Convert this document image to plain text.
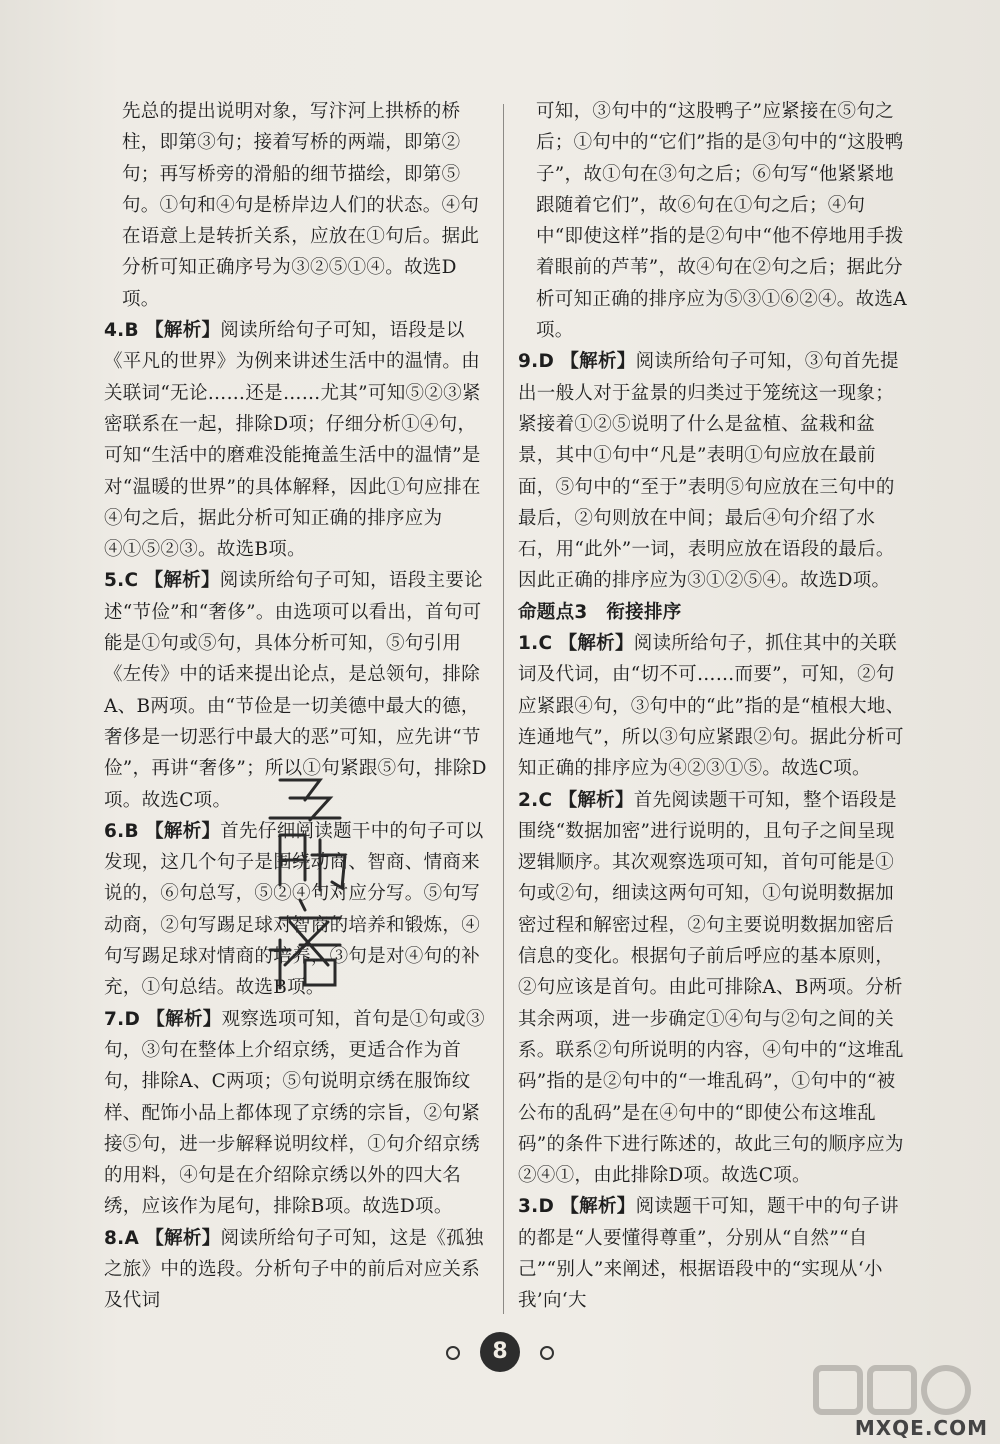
先总的提出说明对象，写汴河上拱桥的桥柱，即第③句；接着写桥的两端，即第②句；再写桥旁的滑船的细节描绘，即第⑤句。①句和④句是桥岸边人们的状态。④句在语意上是转折关系，应放在①句后。据此分析可知正确序号为③②⑤①④。故选D项。

4.B 【解析】阅读所给句子可知，语段是以《平凡的世界》为例来讲述生活中的温情。由关联词“无论……还是……尤其”可知⑤②③紧密联系在一起，排除D项；仔细分析①④句，可知“生活中的磨难没能掩盖生活中的温情”是对“温暖的世界”的具体解释，因此①句应排在④句之后，据此分析可知正确的排序应为④①⑤②③。故选B项。

5.C 【解析】阅读所给句子可知，语段主要论述“节俭”和“奢侈”。由选项可以看出，首句可能是①句或⑤句，具体分析可知，⑤句引用《左传》中的话来提出论点，是总领句，排除A、B两项。由“节俭是一切美德中最大的德，奢侈是一切恶行中最大的恶”可知，应先讲“节俭”，再讲“奢侈”；所以①句紧跟⑤句，排除D项。故选C项。

6.B 【解析】首先仔细阅读题干中的句子可以发现，这几个句子是围绕动商、智商、情商来说的，⑥句总写，⑤②④句对应分写。⑤句写动商，②句写踢足球对智商的培养和锻炼，④句写踢足球对情商的培养，③句是对④句的补充，①句总结。故选B项。

7.D 【解析】观察选项可知，首句是①句或③句，③句在整体上介绍京绣，更适合作为首句，排除A、C两项；⑤句说明京绣在服饰纹样、配饰小品上都体现了京绣的宗旨，②句紧接⑤句，进一步解释说明纹样，①句介绍京绣的用料，④句是在介绍除京绣以外的四大名绣，应该作为尾句，排除B项。故选D项。

8.A 【解析】阅读所给句子可知，这是《孤独之旅》中的选段。分析句子中的前后对应关系及代词

可知，③句中的“这股鸭子”应紧接在⑤句之后；①句中的“它们”指的是③句中的“这股鸭子”，故①句在③句之后；⑥句写“他紧紧地跟随着它们”，故⑥句在①句之后；④句中“即使这样”指的是②句中“他不停地用手拨着眼前的芦苇”，故④句在②句之后；据此分析可知正确的排序应为⑤③①⑥②④。故选A项。

9.D 【解析】阅读所给句子可知，③句首先提出一般人对于盆景的归类过于笼统这一现象；紧接着①②⑤说明了什么是盆植、盆栽和盆景，其中①句中“凡是”表明①句应放在最前面，⑤句中的“至于”表明⑤句应放在三句中的最后，②句则放在中间；最后④句介绍了水石，用“此外”一词，表明应放在语段的最后。因此正确的排序应为③①②⑤④。故选D项。

命题点3　衔接排序

1.C 【解析】阅读所给句子，抓住其中的关联词及代词，由“切不可……而要”，可知，②句应紧跟④句，③句中的“此”指的是“植根大地、连通地气”，所以③句应紧跟②句。据此分析可知正确的排序应为④②③①⑤。故选C项。

2.C 【解析】首先阅读题干可知，整个语段是围绕“数据加密”进行说明的，且句子之间呈现逻辑顺序。其次观察选项可知，首句可能是①句或②句，细读这两句可知，①句说明数据加密过程和解密过程，②句主要说明数据加密后信息的变化。根据句子前后呼应的基本原则，②句应该是首句。由此可排除A、B两项。分析其余两项，进一步确定①④句与②句之间的关系。联系②句所说明的内容，④句中的“这堆乱码”指的是②句中的“一堆乱码”，①句中的“被公布的乱码”是在④句中的“即使公布这堆乱码”的条件下进行陈述的，故此三句的顺序应为②④①，由此排除D项。故选C项。

3.D 【解析】阅读题干可知，题干中的句子讲的都是“人要懂得尊重”，分别从“自然”“自己”“别人”来阐述，根据语段中的“实现从‘小我’向‘大

8
MXQE.COM
